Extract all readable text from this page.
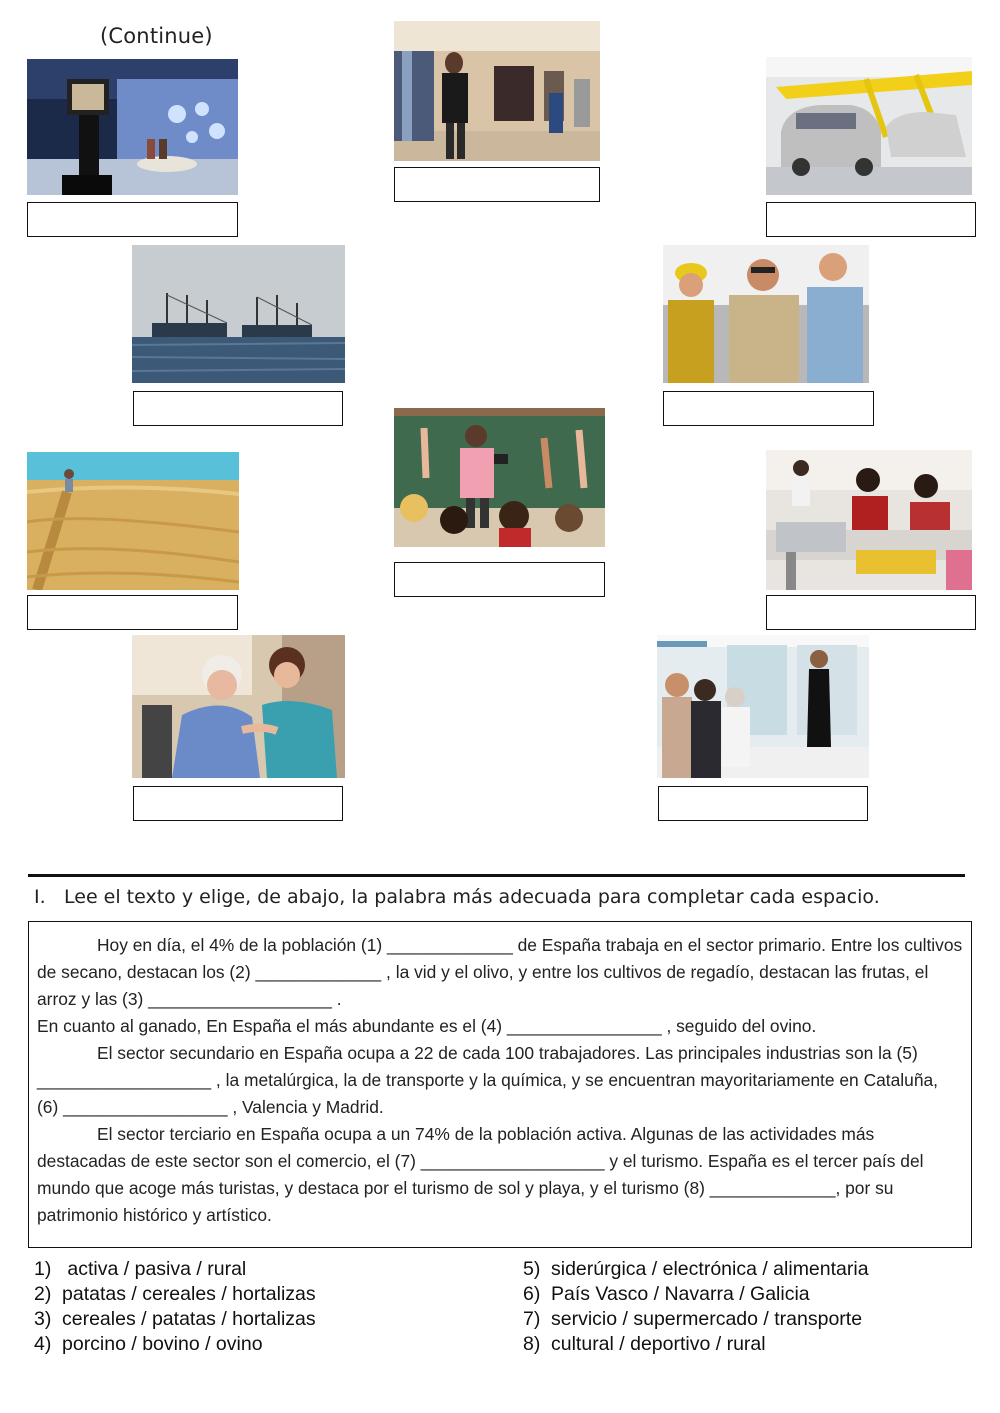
(Continue)
I. Lee el texto y elige, de abajo, la palabra más adecuada para completar cada espacio.

Hoy en día, el 4% de la población (1) _____________ de España trabaja en el sector primario. Entre los cultivos de secano, destacan los (2) _____________ , la vid y el olivo, y entre los cultivos de regadío, destacan las frutas, el arroz y las (3) ___________________ .

En cuanto al ganado, En España el más abundante es el (4) ________________ , seguido del ovino.

El sector secundario en España ocupa a 22 de cada 100 trabajadores. Las principales industrias son la (5) __________________ , la metalúrgica, la de transporte y la química, y se encuentran mayoritariamente en Cataluña, (6) _________________ , Valencia y Madrid.

El sector terciario en España ocupa a un 74% de la población activa. Algunas de las actividades más destacadas de este sector son el comercio, el (7) ___________________ y el turismo. España es el tercer país del mundo que acoge más turistas, y destaca por el turismo de sol y playa, y el turismo (8) _____________, por su patrimonio histórico y artístico.

1) activa / pasiva / rural
2) patatas / cereales / hortalizas
3) cereales / patatas / hortalizas
4) porcino / bovino / ovino
5) siderúrgica / electrónica / alimentaria
6) País Vasco / Navarra / Galicia
7) servicio / supermercado / transporte
8) cultural / deportivo / rural
